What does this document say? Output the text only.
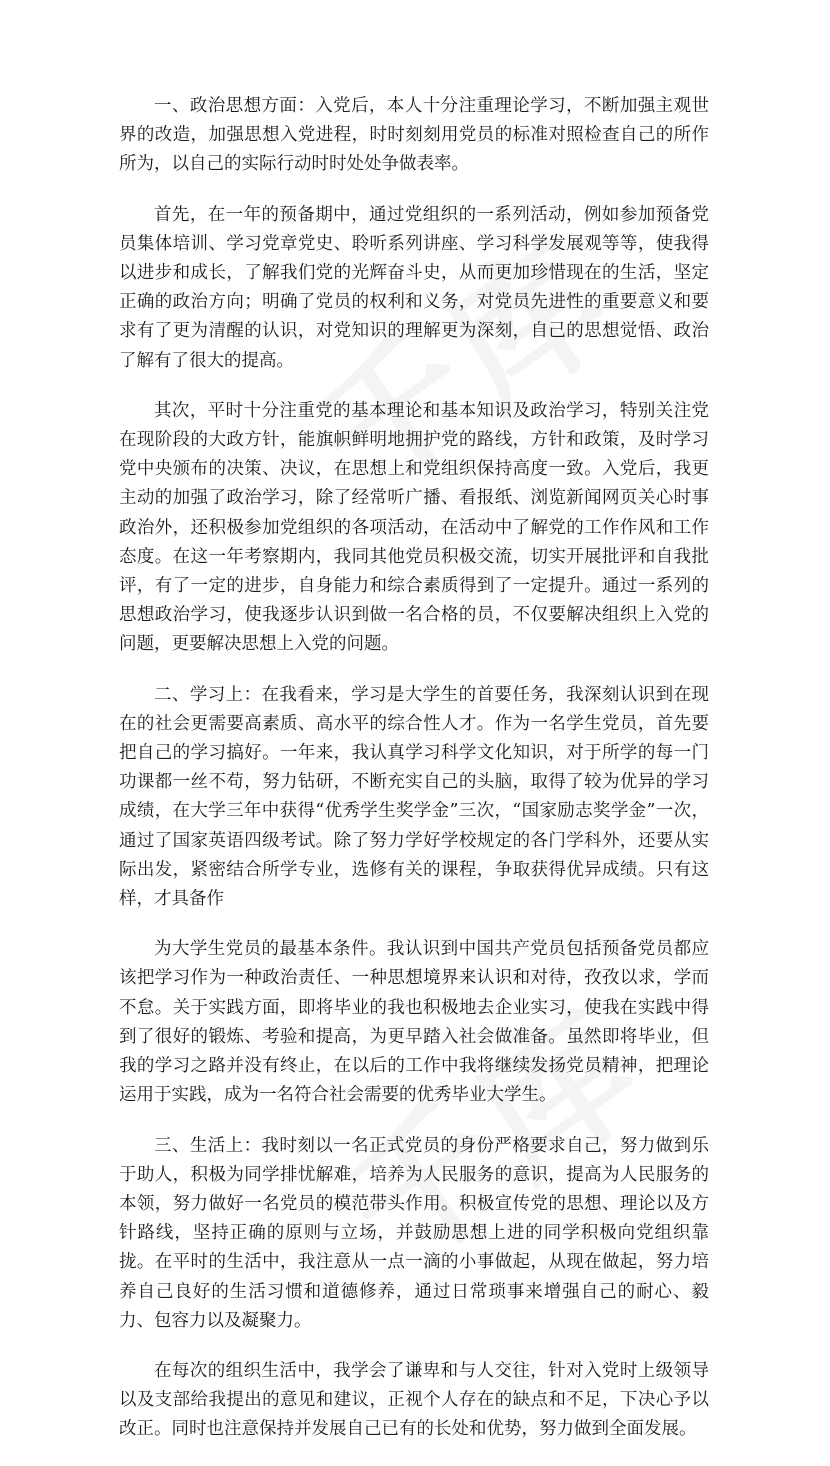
一、政治思想方面：入党后，本人十分注重理论学习，不断加强主观世界的改造，加强思想入党进程，时时刻刻用党员的标准对照检查自己的所作所为，以自己的实际行动时时处处争做表率。

首先，在一年的预备期中，通过党组织的一系列活动，例如参加预备党员集体培训、学习党章党史、聆听系列讲座、学习科学发展观等等，使我得以进步和成长，了解我们党的光辉奋斗史，从而更加珍惜现在的生活，坚定正确的政治方向；明确了党员的权利和义务，对党员先进性的重要意义和要求有了更为清醒的认识，对党知识的理解更为深刻，自己的思想觉悟、政治了解有了很大的提高。

其次，平时十分注重党的基本理论和基本知识及政治学习，特别关注党在现阶段的大政方针，能旗帜鲜明地拥护党的路线，方针和政策，及时学习党中央颁布的决策、决议，在思想上和党组织保持高度一致。入党后，我更主动的加强了政治学习，除了经常听广播、看报纸、浏览新闻网页关心时事政治外，还积极参加党组织的各项活动，在活动中了解党的工作作风和工作态度。在这一年考察期内，我同其他党员积极交流，切实开展批评和自我批评，有了一定的进步，自身能力和综合素质得到了一定提升。通过一系列的思想政治学习，使我逐步认识到做一名合格的员，不仅要解决组织上入党的问题，更要解决思想上入党的问题。

二、学习上：在我看来，学习是大学生的首要任务，我深刻认识到在现在的社会更需要高素质、高水平的综合性人才。作为一名学生党员，首先要把自己的学习搞好。一年来，我认真学习科学文化知识，对于所学的每一门功课都一丝不苟，努力钻研，不断充实自己的头脑，取得了较为优异的学习成绩，在大学三年中获得“优秀学生奖学金”三次，“国家励志奖学金”一次，通过了国家英语四级考试。除了努力学好学校规定的各门学科外，还要从实际出发，紧密结合所学专业，选修有关的课程，争取获得优异成绩。只有这样，才具备作

为大学生党员的最基本条件。我认识到中国共产党员包括预备党员都应该把学习作为一种政治责任、一种思想境界来认识和对待，孜孜以求，学而不怠。关于实践方面，即将毕业的我也积极地去企业实习，使我在实践中得到了很好的锻炼、考验和提高，为更早踏入社会做准备。虽然即将毕业，但我的学习之路并没有终止，在以后的工作中我将继续发扬党员精神，把理论运用于实践，成为一名符合社会需要的优秀毕业大学生。

三、生活上：我时刻以一名正式党员的身份严格要求自己，努力做到乐于助人，积极为同学排忧解难，培养为人民服务的意识，提高为人民服务的本领，努力做好一名党员的模范带头作用。积极宣传党的思想、理论以及方针路线，坚持正确的原则与立场，并鼓励思想上进的同学积极向党组织靠拢。在平时的生活中，我注意从一点一滴的小事做起，从现在做起，努力培养自己良好的生活习惯和道德修养，通过日常琐事来增强自己的耐心、毅力、包容力以及凝聚力。

在每次的组织生活中，我学会了谦卑和与人交往，针对入党时上级领导以及支部给我提出的意见和建议，正视个人存在的缺点和不足，下决心予以改正。同时也注意保持并发展自己已有的长处和优势，努力做到全面发展。
